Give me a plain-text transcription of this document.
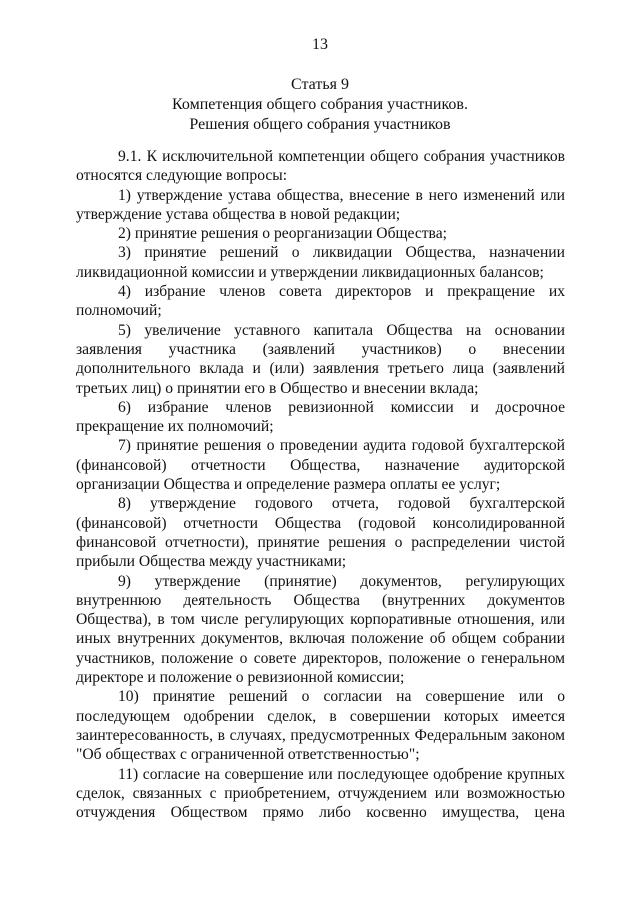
13
Статья 9
Компетенция общего собрания участников.
Решения общего собрания участников

9.1. К исключительной компетенции общего собрания участников относятся следующие вопросы:

1) утверждение устава общества, внесение в него изменений или утверждение устава общества в новой редакции;

2) принятие решения о реорганизации Общества;

3) принятие решений о ликвидации Общества, назначении ликвидационной комиссии и утверждении ликвидационных балансов;

4) избрание членов совета директоров и прекращение их полномочий;

5) увеличение уставного капитала Общества на основании заявления участника (заявлений участников) о внесении дополнительного вклада и (или) заявления третьего лица (заявлений третьих лиц) о принятии его в Общество и внесении вклада;

6) избрание членов ревизионной комиссии и досрочное прекращение их полномочий;

7) принятие решения о проведении аудита годовой бухгалтерской (финансовой) отчетности Общества, назначение аудиторской организации Общества и определение размера оплаты ее услуг;

8) утверждение годового отчета, годовой бухгалтерской (финансовой) отчетности Общества (годовой консолидированной финансовой отчетности), принятие решения о распределении чистой прибыли Общества между участниками;

9) утверждение (принятие) документов, регулирующих внутреннюю деятельность Общества (внутренних документов Общества), в том числе регулирующих корпоративные отношения, или иных внутренних документов, включая положение об общем собрании участников, положение о совете директоров, положение о генеральном директоре и положение о ревизионной комиссии;

10) принятие решений о согласии на совершение или о последующем одобрении сделок, в совершении которых имеется заинтересованность, в случаях, предусмотренных Федеральным законом "Об обществах с ограниченной ответственностью";

11) согласие на совершение или последующее одобрение крупных сделок, связанных с приобретением, отчуждением или возможностью отчуждения Обществом прямо либо косвенно имущества, цена
